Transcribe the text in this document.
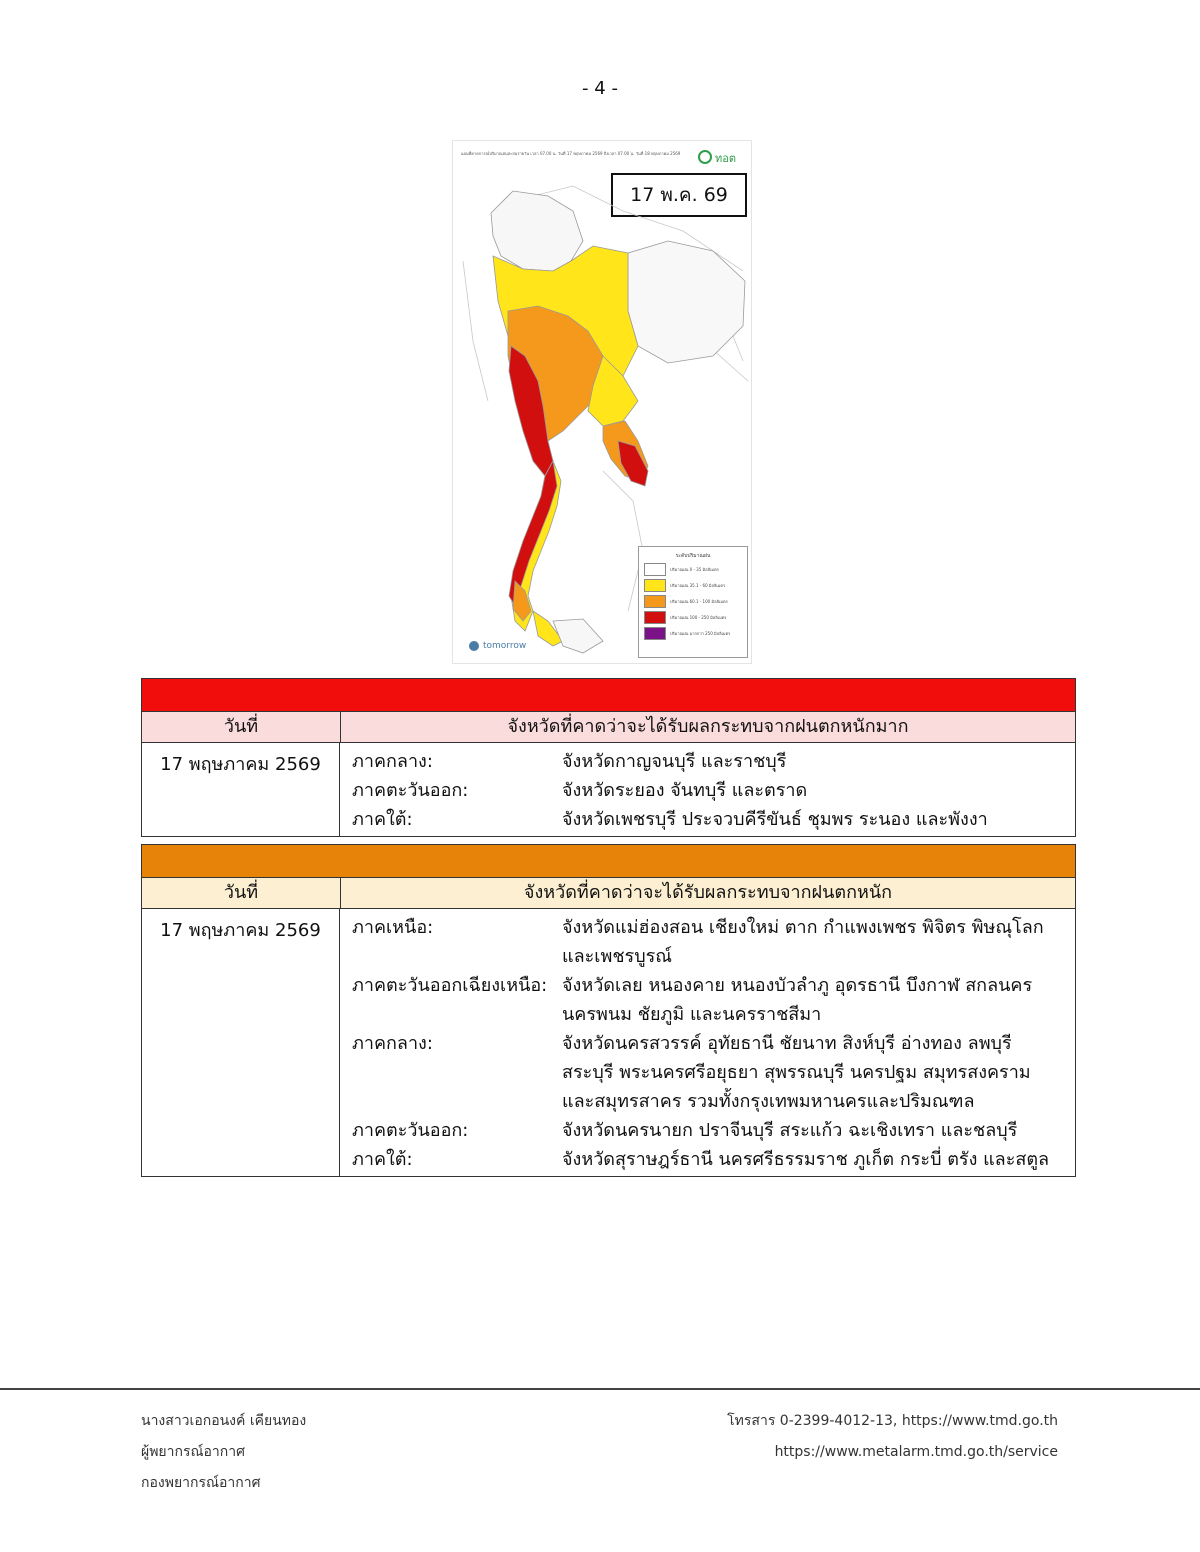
- 4 -
แผนที่คาดการณ์ปริมาณฝนสะสมรายวัน เวลา 07.00 น. วันที่ 17 พฤษภาคม 2569 ถึงเวลา 07.00 น. วันที่ 18 พฤษภาคม 2569	ทอต
17 พ.ค. 69
ระดับปริมาณฝน
ปริมาณฝน 0 - 35 มิลลิเมตร
ปริมาณฝน 35.1 - 60 มิลลิเมตร
ปริมาณฝน 60.1 - 100 มิลลิเมตร
ปริมาณฝน 100 - 250 มิลลิเมตร
ปริมาณฝน มากกว่า 250 มิลลิเมตร
tomorrow
วันที่	จังหวัดที่คาดว่าจะได้รับผลกระทบจากฝนตกหนักมาก
17 พฤษภาคม 2569	ภาคกลาง:	จังหวัดกาญจนบุรี และราชบุรี
ภาคตะวันออก:	จังหวัดระยอง จันทบุรี และตราด
ภาคใต้:	จังหวัดเพชรบุรี ประจวบคีรีขันธ์ ชุมพร ระนอง และพังงา
วันที่	จังหวัดที่คาดว่าจะได้รับผลกระทบจากฝนตกหนัก
17 พฤษภาคม 2569	ภาคเหนือ:	จังหวัดแม่ฮ่องสอน เชียงใหม่ ตาก กำแพงเพชร พิจิตร พิษณุโลก และเพชรบูรณ์
ภาคตะวันออกเฉียงเหนือ: จังหวัดเลย หนองคาย หนองบัวลำภู อุดรธานี บึงกาฬ สกลนคร นครพนม ชัยภูมิ และนครราชสีมา
ภาคกลาง:	จังหวัดนครสวรรค์ อุทัยธานี ชัยนาท สิงห์บุรี อ่างทอง ลพบุรี สระบุรี พระนครศรีอยุธยา สุพรรณบุรี นครปฐม สมุทรสงคราม และสมุทรสาคร รวมทั้งกรุงเทพมหานครและปริมณฑล
ภาคตะวันออก:	จังหวัดนครนายก ปราจีนบุรี สระแก้ว ฉะเชิงเทรา และชลบุรี
ภาคใต้:	จังหวัดสุราษฎร์ธานี นครศรีธรรมราช ภูเก็ต กระบี่ ตรัง และสตูล
นางสาวเอกอนงค์ เคียนทอง
ผู้พยากรณ์อากาศ
กองพยากรณ์อากาศ
โทรสาร 0-2399-4012-13, https://www.tmd.go.th
https://www.metalarm.tmd.go.th/service
